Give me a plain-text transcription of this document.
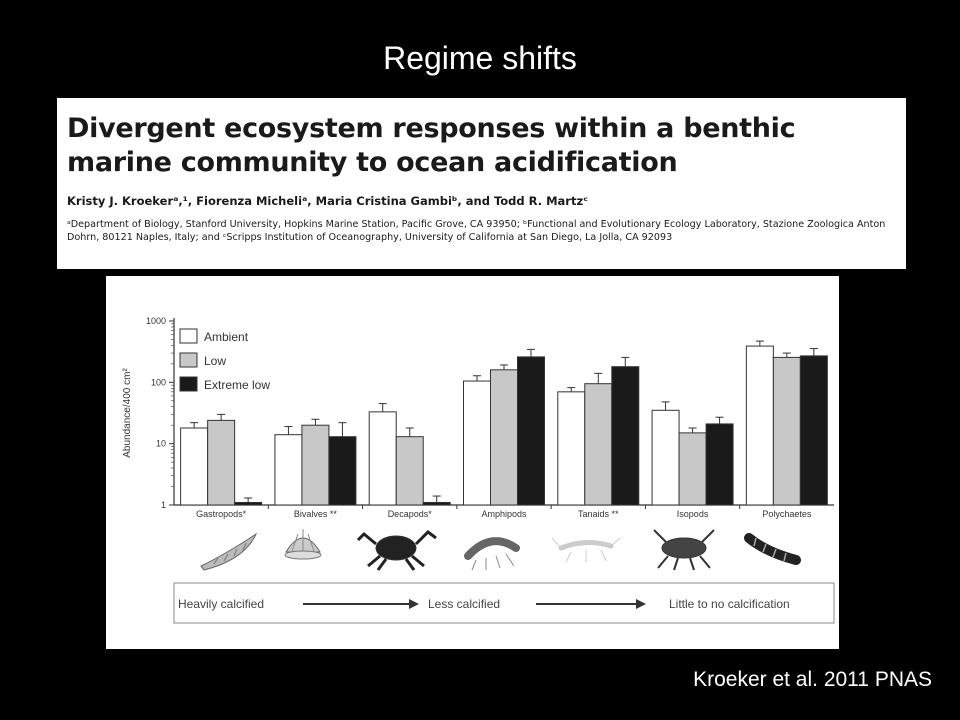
Regime shifts
Divergent ecosystem responses within a benthic
marine community to ocean acidification
Kristy J. Kroekerᵃ,¹, Fiorenza Micheliᵃ, Maria Cristina Gambiᵇ, and Todd R. Martzᶜ
ᵃDepartment of Biology, Stanford University, Hopkins Marine Station, Pacific Grove, CA 93950; ᵇFunctional and Evolutionary Ecology Laboratory, Stazione Zoologica Anton Dohrn, 80121 Naples, Italy; and ᶜScripps Institution of Oceanography, University of California at San Diego, La Jolla, CA 92093
1
10
100
1000
Abundance/400 cm²
Gastropods*	Bivalves **	Decapods*	Amphipods	Tanaids **	Isopods	Polychaetes
Ambient
Low
Extreme low
Heavily calcified	Less calcified	Little to no calcification
Kroeker et al. 2011 PNAS
